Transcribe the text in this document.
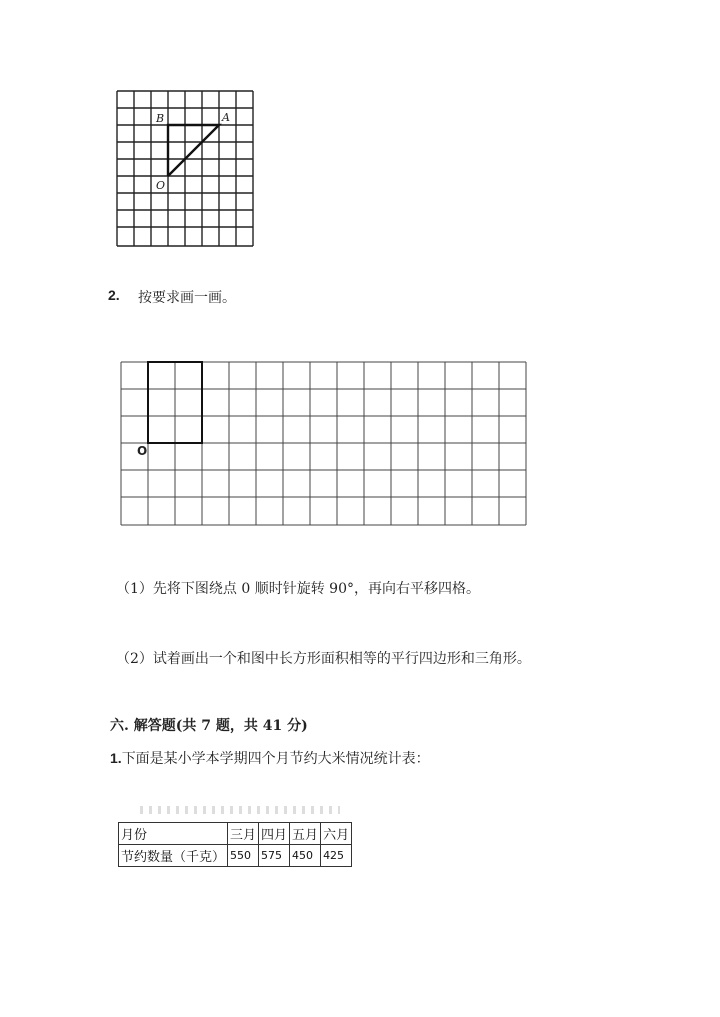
B	A
O
2. 按要求画一画。
O
（1）先将下图绕点 0 顺时针旋转 90°，再向右平移四格。
（2）试着画出一个和图中长方形面积相等的平行四边形和三角形。
六. 解答题(共 7 题，共 41 分)
1.下面是某小学本学期四个月节约大米情况统计表：
月份	三月	四月	五月	六月
节约数量（千克）	550	575	450	425
